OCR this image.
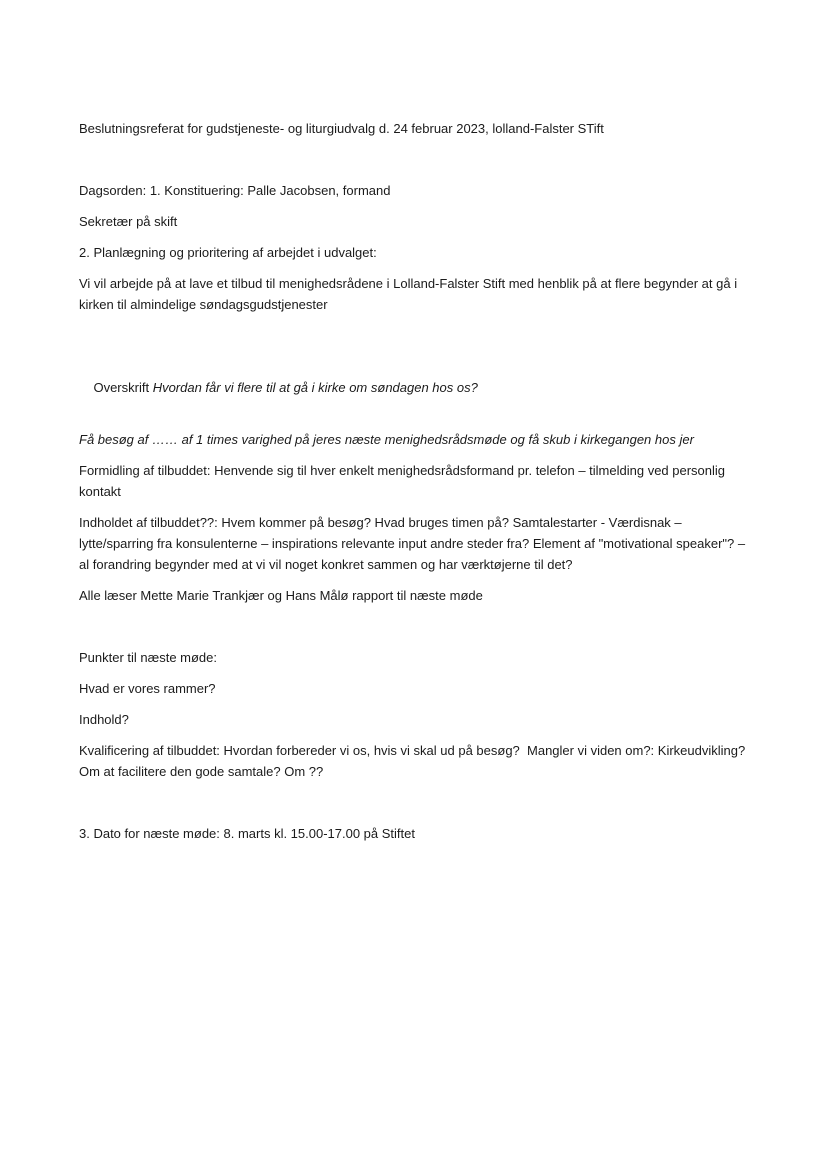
Beslutningsreferat for gudstjeneste- og liturgiudvalg d. 24 februar 2023, lolland-Falster STift

Dagsorden: 1. Konstituering: Palle Jacobsen, formand

Sekretær på skift

2. Planlægning og prioritering af arbejdet i udvalget:

Vi vil arbejde på at lave et tilbud til menighedsrådene i Lolland-Falster Stift med henblik på at flere begynder at gå i kirken til almindelige søndagsgudstjenester

Overskrift Hvordan får vi flere til at gå i kirke om søndagen hos os?

Få besøg af …… af 1 times varighed på jeres næste menighedsrådsmøde og få skub i kirkegangen hos jer

Formidling af tilbuddet: Henvende sig til hver enkelt menighedsrådsformand pr. telefon – tilmelding ved personlig kontakt

Indholdet af tilbuddet??: Hvem kommer på besøg? Hvad bruges timen på? Samtalestarter - Værdisnak – lytte/sparring fra konsulenterne – inspirations relevante input andre steder fra? Element af "motivational speaker"? – al forandring begynder med at vi vil noget konkret sammen og har værktøjerne til det?

Alle læser Mette Marie Trankjær og Hans Målø rapport til næste møde

Punkter til næste møde:

Hvad er vores rammer?

Indhold?

Kvalificering af tilbuddet: Hvordan forbereder vi os, hvis vi skal ud på besøg?  Mangler vi viden om?: Kirkeudvikling? Om at facilitere den gode samtale? Om ??

3. Dato for næste møde: 8. marts kl. 15.00-17.00 på Stiftet
